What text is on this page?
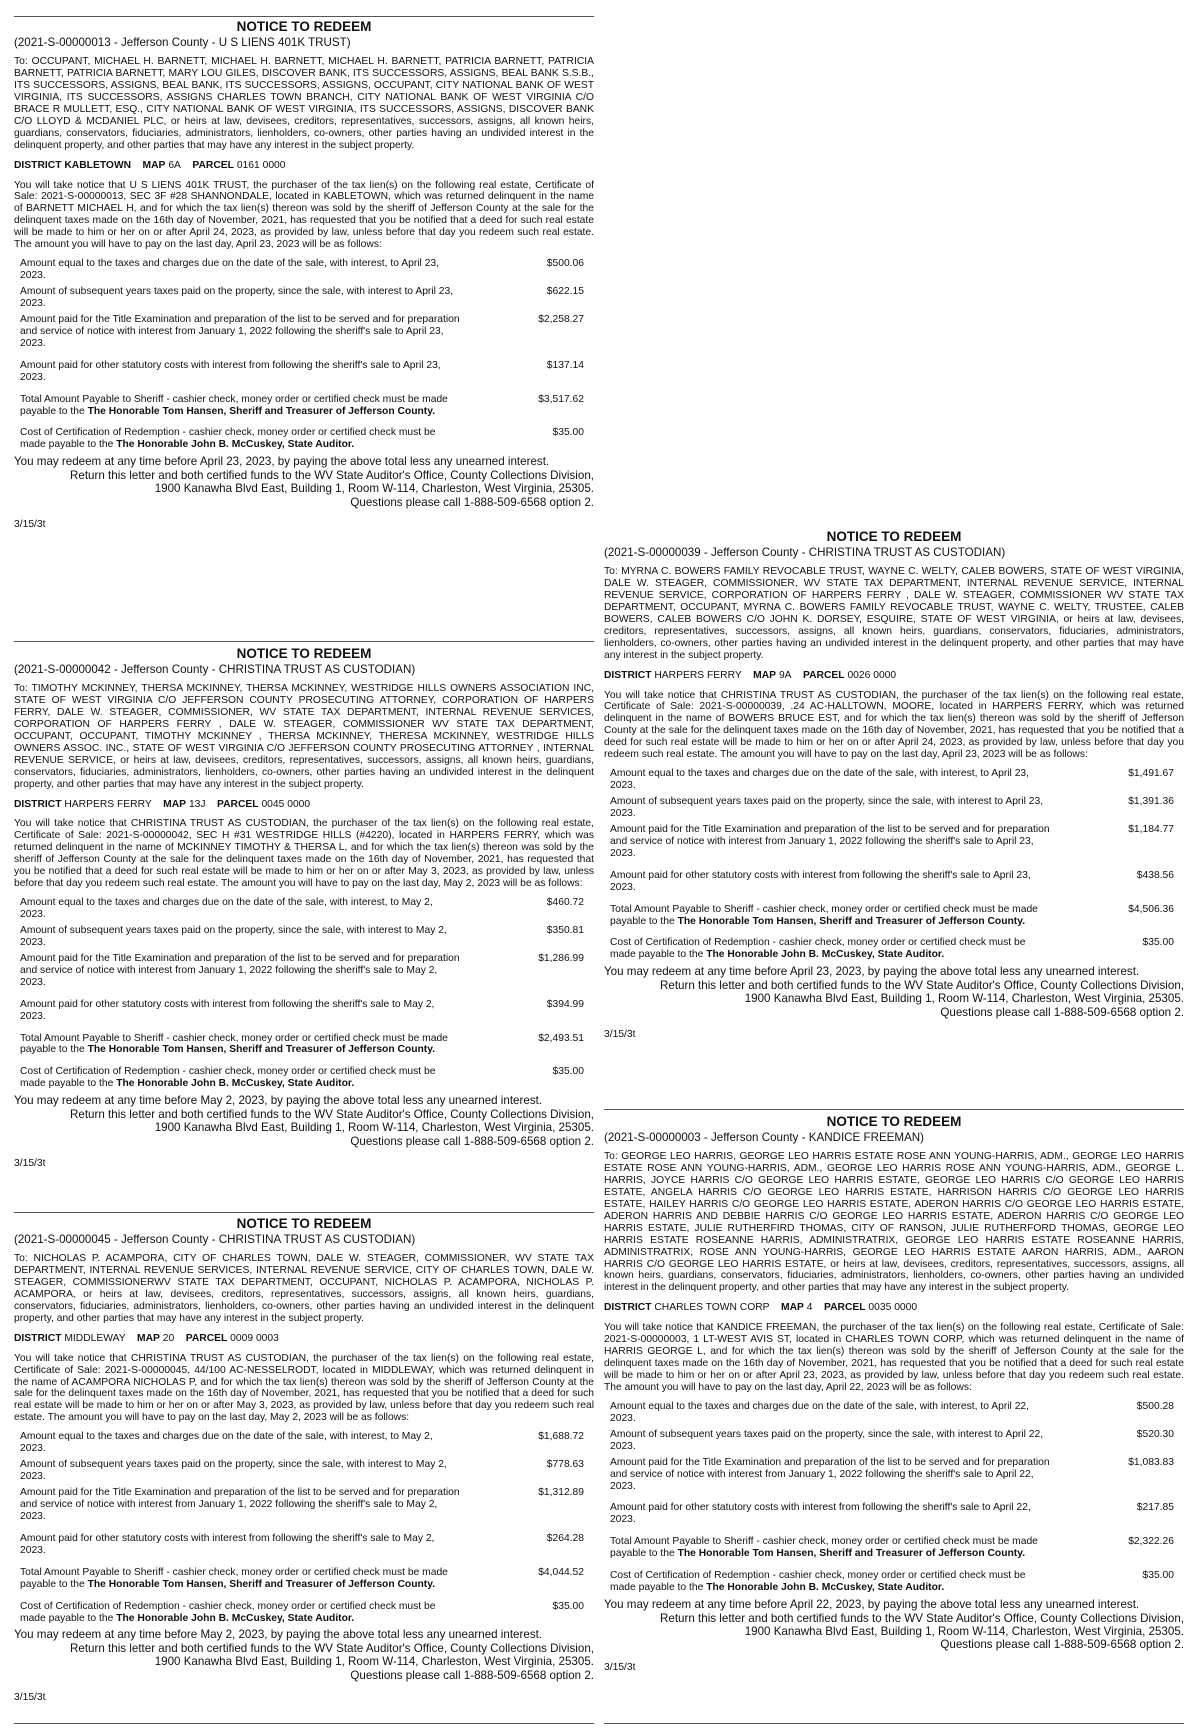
NOTICE TO REDEEM
(2021-S-00000013 - Jefferson County - U S LIENS 401K TRUST)
To: OCCUPANT, MICHAEL H. BARNETT, MICHAEL H. BARNETT, MICHAEL H. BARNETT, PATRICIA BARNETT, PATRICIA BARNETT, PATRICIA BARNETT, MARY LOU GILES, DISCOVER BANK, ITS SUCCESSORS, ASSIGNS, BEAL BANK S.S.B., ITS SUCCESSORS, ASSIGNS, BEAL BANK, ITS SUCCESSORS, ASSIGNS, OCCUPANT, CITY NATIONAL BANK OF WEST VIRGINIA, ITS SUCCESSORS, ASSIGNS CHARLES TOWN BRANCH, CITY NATIONAL BANK OF WEST VIRGINIA C/O BRACE R MULLETT, ESQ., CITY NATIONAL BANK OF WEST VIRGINIA, ITS SUCCESSORS, ASSIGNS, DISCOVER BANK C/O LLOYD & MCDANIEL PLC, or heirs at law, devisees, creditors, representatives, successors, assigns, all known heirs, guardians, conservators, fiduciaries, administrators, lienholders, co-owners, other parties having an undivided interest in the delinquent property, and other parties that may have any interest in the subject property.
DISTRICT KABLETOWN MAP 6A PARCEL 0161 0000
You will take notice that U S LIENS 401K TRUST, the purchaser of the tax lien(s) on the following real estate, Certificate of Sale: 2021-S-00000013, SEC 3F #28 SHANNONDALE, located in KABLETOWN, which was returned delinquent in the name of BARNETT MICHAEL H, and for which the tax lien(s) thereon was sold by the sheriff of Jefferson County at the sale for the delinquent taxes made on the 16th day of November, 2021, has requested that you be notified that a deed for such real estate will be made to him or her on or after April 24, 2023, as provided by law, unless before that day you redeem such real estate. The amount you will have to pay on the last day, April 23, 2023 will be as follows:
Amount equal to the taxes and charges due on the date of the sale, with interest, to April 23, 2023.
$500.06
Amount of subsequent years taxes paid on the property, since the sale, with interest to April 23, 2023.
$622.15
Amount paid for the Title Examination and preparation of the list to be served and for preparation and service of notice with interest from January 1, 2022 following the sheriff's sale to April 23, 2023.
$2,258.27
Amount paid for other statutory costs with interest from following the sheriff's sale to April 23, 2023.
$137.14
Total Amount Payable to Sheriff - cashier check, money order or certified check must be made payable to the The Honorable Tom Hansen, Sheriff and Treasurer of Jefferson County.
$3,517.62
Cost of Certification of Redemption - cashier check, money order or certified check must be made payable to the The Honorable John B. McCuskey, State Auditor.
$35.00
You may redeem at any time before April 23, 2023, by paying the above total less any unearned interest.
Return this letter and both certified funds to the WV State Auditor's Office, County Collections Division,
1900 Kanawha Blvd East, Building 1, Room W-114, Charleston, West Virginia, 25305.
Questions please call 1-888-509-6568 option 2.
3/15/3t
NOTICE TO REDEEM
(2021-S-00000042 - Jefferson County - CHRISTINA TRUST AS CUSTODIAN)
To: TIMOTHY MCKINNEY, THERSA MCKINNEY, THERSA MCKINNEY, WESTRIDGE HILLS OWNERS ASSOCIATION INC, STATE OF WEST VIRGINIA C/O JEFFERSON COUNTY PROSECUTING ATTORNEY, CORPORATION OF HARPERS FERRY, DALE W. STEAGER, COMMISSIONER, WV STATE TAX DEPARTMENT, INTERNAL REVENUE SERVICES, CORPORATION OF HARPERS FERRY , DALE W. STEAGER, COMMISSIONER WV STATE TAX DEPARTMENT, OCCUPANT, OCCUPANT, TIMOTHY MCKINNEY , THERSA MCKINNEY, THERESA MCKINNEY, WESTRIDGE HILLS OWNERS ASSOC. INC., STATE OF WEST VIRGINIA C/O JEFFERSON COUNTY PROSECUTING ATTORNEY , INTERNAL REVENUE SERVICE, or heirs at law, devisees, creditors, representatives, successors, assigns, all known heirs, guardians, conservators, fiduciaries, administrators, lienholders, co-owners, other parties having an undivided interest in the delinquent property, and other parties that may have any interest in the subject property.
DISTRICT HARPERS FERRY MAP 13J PARCEL 0045 0000
You will take notice that CHRISTINA TRUST AS CUSTODIAN, the purchaser of the tax lien(s) on the following real estate, Certificate of Sale: 2021-S-00000042, SEC H #31 WESTRIDGE HILLS (#4220), located in HARPERS FERRY, which was returned delinquent in the name of MCKINNEY TIMOTHY & THERSA L, and for which the tax lien(s) thereon was sold by the sheriff of Jefferson County at the sale for the delinquent taxes made on the 16th day of November, 2021, has requested that you be notified that a deed for such real estate will be made to him or her on or after May 3, 2023, as provided by law, unless before that day you redeem such real estate. The amount you will have to pay on the last day, May 2, 2023 will be as follows:
Amount equal to the taxes and charges due on the date of the sale, with interest, to May 2, 2023.
$460.72
Amount of subsequent years taxes paid on the property, since the sale, with interest to May 2, 2023.
$350.81
Amount paid for the Title Examination and preparation of the list to be served and for preparation and service of notice with interest from January 1, 2022 following the sheriff's sale to May 2, 2023.
$1,286.99
Amount paid for other statutory costs with interest from following the sheriff's sale to May 2, 2023.
$394.99
Total Amount Payable to Sheriff - cashier check, money order or certified check must be made payable to the The Honorable Tom Hansen, Sheriff and Treasurer of Jefferson County.
$2,493.51
Cost of Certification of Redemption - cashier check, money order or certified check must be made payable to the The Honorable John B. McCuskey, State Auditor.
$35.00
You may redeem at any time before May 2, 2023, by paying the above total less any unearned interest.
Return this letter and both certified funds to the WV State Auditor's Office, County Collections Division,
1900 Kanawha Blvd East, Building 1, Room W-114, Charleston, West Virginia, 25305.
Questions please call 1-888-509-6568 option 2.
3/15/3t
NOTICE TO REDEEM
(2021-S-00000045 - Jefferson County - CHRISTINA TRUST AS CUSTODIAN)
To: NICHOLAS P. ACAMPORA, CITY OF CHARLES TOWN, DALE W. STEAGER, COMMISSIONER, WV STATE TAX DEPARTMENT, INTERNAL REVENUE SERVICES, INTERNAL REVENUE SERVICE, CITY OF CHARLES TOWN, DALE W. STEAGER, COMMISSIONERWV STATE TAX DEPARTMENT, OCCUPANT, NICHOLAS P. ACAMPORA, NICHOLAS P. ACAMPORA, or heirs at law, devisees, creditors, representatives, successors, assigns, all known heirs, guardians, conservators, fiduciaries, administrators, lienholders, co-owners, other parties having an undivided interest in the delinquent property, and other parties that may have any interest in the subject property.
DISTRICT MIDDLEWAY MAP 20 PARCEL 0009 0003
You will take notice that CHRISTINA TRUST AS CUSTODIAN, the purchaser of the tax lien(s) on the following real estate, Certificate of Sale: 2021-S-00000045, 44/100 AC-NESSELRODT, located in MIDDLEWAY, which was returned delinquent in the name of ACAMPORA NICHOLAS P, and for which the tax lien(s) thereon was sold by the sheriff of Jefferson County at the sale for the delinquent taxes made on the 16th day of November, 2021, has requested that you be notified that a deed for such real estate will be made to him or her on or after May 3, 2023, as provided by law, unless before that day you redeem such real estate. The amount you will have to pay on the last day, May 2, 2023 will be as follows:
Amount equal to the taxes and charges due on the date of the sale, with interest, to May 2, 2023.
$1,688.72
Amount of subsequent years taxes paid on the property, since the sale, with interest to May 2, 2023.
$778.63
Amount paid for the Title Examination and preparation of the list to be served and for preparation and service of notice with interest from January 1, 2022 following the sheriff's sale to May 2, 2023.
$1,312.89
Amount paid for other statutory costs with interest from following the sheriff's sale to May 2, 2023.
$264.28
Total Amount Payable to Sheriff - cashier check, money order or certified check must be made payable to the The Honorable Tom Hansen, Sheriff and Treasurer of Jefferson County.
$4,044.52
Cost of Certification of Redemption - cashier check, money order or certified check must be made payable to the The Honorable John B. McCuskey, State Auditor.
$35.00
You may redeem at any time before May 2, 2023, by paying the above total less any unearned interest.
Return this letter and both certified funds to the WV State Auditor's Office, County Collections Division,
1900 Kanawha Blvd East, Building 1, Room W-114, Charleston, West Virginia, 25305.
Questions please call 1-888-509-6568 option 2.
3/15/3t
NOTICE TO REDEEM
(2021-S-00000039 - Jefferson County - CHRISTINA TRUST AS CUSTODIAN)
To: MYRNA C. BOWERS FAMILY REVOCABLE TRUST, WAYNE C. WELTY, CALEB BOWERS, STATE OF WEST VIRGINIA, DALE W. STEAGER, COMMISSIONER, WV STATE TAX DEPARTMENT, INTERNAL REVENUE SERVICE, INTERNAL REVENUE SERVICE, CORPORATION OF HARPERS FERRY , DALE W. STEAGER, COMMISSIONER WV STATE TAX DEPARTMENT, OCCUPANT, MYRNA C. BOWERS FAMILY REVOCABLE TRUST, WAYNE C. WELTY, TRUSTEE, CALEB BOWERS, CALEB BOWERS C/O JOHN K. DORSEY, ESQUIRE, STATE OF WEST VIRGINIA, or heirs at law, devisees, creditors, representatives, successors, assigns, all known heirs, guardians, conservators, fiduciaries, administrators, lienholders, co-owners, other parties having an undivided interest in the delinquent property, and other parties that may have any interest in the subject property.
DISTRICT HARPERS FERRY MAP 9A PARCEL 0026 0000
You will take notice that CHRISTINA TRUST AS CUSTODIAN, the purchaser of the tax lien(s) on the following real estate, Certificate of Sale: 2021-S-00000039, .24 AC-HALLTOWN, MOORE, located in HARPERS FERRY, which was returned delinquent in the name of BOWERS BRUCE EST, and for which the tax lien(s) thereon was sold by the sheriff of Jefferson County at the sale for the delinquent taxes made on the 16th day of November, 2021, has requested that you be notified that a deed for such real estate will be made to him or her on or after April 24, 2023, as provided by law, unless before that day you redeem such real estate. The amount you will have to pay on the last day, April 23, 2023 will be as follows:
Amount equal to the taxes and charges due on the date of the sale, with interest, to April 23, 2023.
$1,491.67
Amount of subsequent years taxes paid on the property, since the sale, with interest to April 23, 2023.
$1,391.36
Amount paid for the Title Examination and preparation of the list to be served and for preparation and service of notice with interest from January 1, 2022 following the sheriff's sale to April 23, 2023.
$1,184.77
Amount paid for other statutory costs with interest from following the sheriff's sale to April 23, 2023.
$438.56
Total Amount Payable to Sheriff - cashier check, money order or certified check must be made payable to the The Honorable Tom Hansen, Sheriff and Treasurer of Jefferson County.
$4,506.36
Cost of Certification of Redemption - cashier check, money order or certified check must be made payable to the The Honorable John B. McCuskey, State Auditor.
$35.00
You may redeem at any time before April 23, 2023, by paying the above total less any unearned interest.
Return this letter and both certified funds to the WV State Auditor's Office, County Collections Division,
1900 Kanawha Blvd East, Building 1, Room W-114, Charleston, West Virginia, 25305.
Questions please call 1-888-509-6568 option 2.
3/15/3t
NOTICE TO REDEEM
(2021-S-00000003 - Jefferson County - KANDICE FREEMAN)
To: GEORGE LEO HARRIS, GEORGE LEO HARRIS ESTATE ROSE ANN YOUNG-HARRIS, ADM., GEORGE LEO HARRIS ESTATE ROSE ANN YOUNG-HARRIS, ADM., GEORGE LEO HARRIS ROSE ANN YOUNG-HARRIS, ADM., GEORGE L. HARRIS, JOYCE HARRIS C/O GEORGE LEO HARRIS ESTATE, GEORGE LEO HARRIS C/O GEORGE LEO HARRIS ESTATE, ANGELA HARRIS C/O GEORGE LEO HARRIS ESTATE, HARRISON HARRIS C/O GEORGE LEO HARRIS ESTATE, HAILEY HARRIS C/O GEORGE LEO HARRIS ESTATE, ADERON HARRIS C/O GEORGE LEO HARRIS ESTATE, ADERON HARRIS AND DEBBIE HARRIS C/O GEORGE LEO HARRIS ESTATE, ADERON HARRIS C/O GEORGE LEO HARRIS ESTATE, JULIE RUTHERFIRD THOMAS, CITY OF RANSON, JULIE RUTHERFORD THOMAS, GEORGE LEO HARRIS ESTATE ROSEANNE HARRIS, ADMINISTRATRIX, GEORGE LEO HARRIS ESTATE ROSEANNE HARRIS, ADMINISTRATRIX, ROSE ANN YOUNG-HARRIS, GEORGE LEO HARRIS ESTATE AARON HARRIS, ADM., AARON HARRIS C/O GEORGE LEO HARRIS ESTATE, or heirs at law, devisees, creditors, representatives, successors, assigns, all known heirs, guardians, conservators, fiduciaries, administrators, lienholders, co-owners, other parties having an undivided interest in the delinquent property, and other parties that may have any interest in the subject property.
DISTRICT CHARLES TOWN CORP MAP 4 PARCEL 0035 0000
You will take notice that KANDICE FREEMAN, the purchaser of the tax lien(s) on the following real estate, Certificate of Sale: 2021-S-00000003, 1 LT-WEST AVIS ST, located in CHARLES TOWN CORP, which was returned delinquent in the name of HARRIS GEORGE L, and for which the tax lien(s) thereon was sold by the sheriff of Jefferson County at the sale for the delinquent taxes made on the 16th day of November, 2021, has requested that you be notified that a deed for such real estate will be made to him or her on or after April 23, 2023, as provided by law, unless before that day you redeem such real estate. The amount you will have to pay on the last day, April 22, 2023 will be as follows:
Amount equal to the taxes and charges due on the date of the sale, with interest, to April 22, 2023.
$500.28
Amount of subsequent years taxes paid on the property, since the sale, with interest to April 22, 2023.
$520.30
Amount paid for the Title Examination and preparation of the list to be served and for preparation and service of notice with interest from January 1, 2022 following the sheriff's sale to April 22, 2023.
$1,083.83
Amount paid for other statutory costs with interest from following the sheriff's sale to April 22, 2023.
$217.85
Total Amount Payable to Sheriff - cashier check, money order or certified check must be made payable to the The Honorable Tom Hansen, Sheriff and Treasurer of Jefferson County.
$2,322.26
Cost of Certification of Redemption - cashier check, money order or certified check must be made payable to the The Honorable John B. McCuskey, State Auditor.
$35.00
You may redeem at any time before April 22, 2023, by paying the above total less any unearned interest.
Return this letter and both certified funds to the WV State Auditor's Office, County Collections Division,
1900 Kanawha Blvd East, Building 1, Room W-114, Charleston, West Virginia, 25305.
Questions please call 1-888-509-6568 option 2.
3/15/3t
